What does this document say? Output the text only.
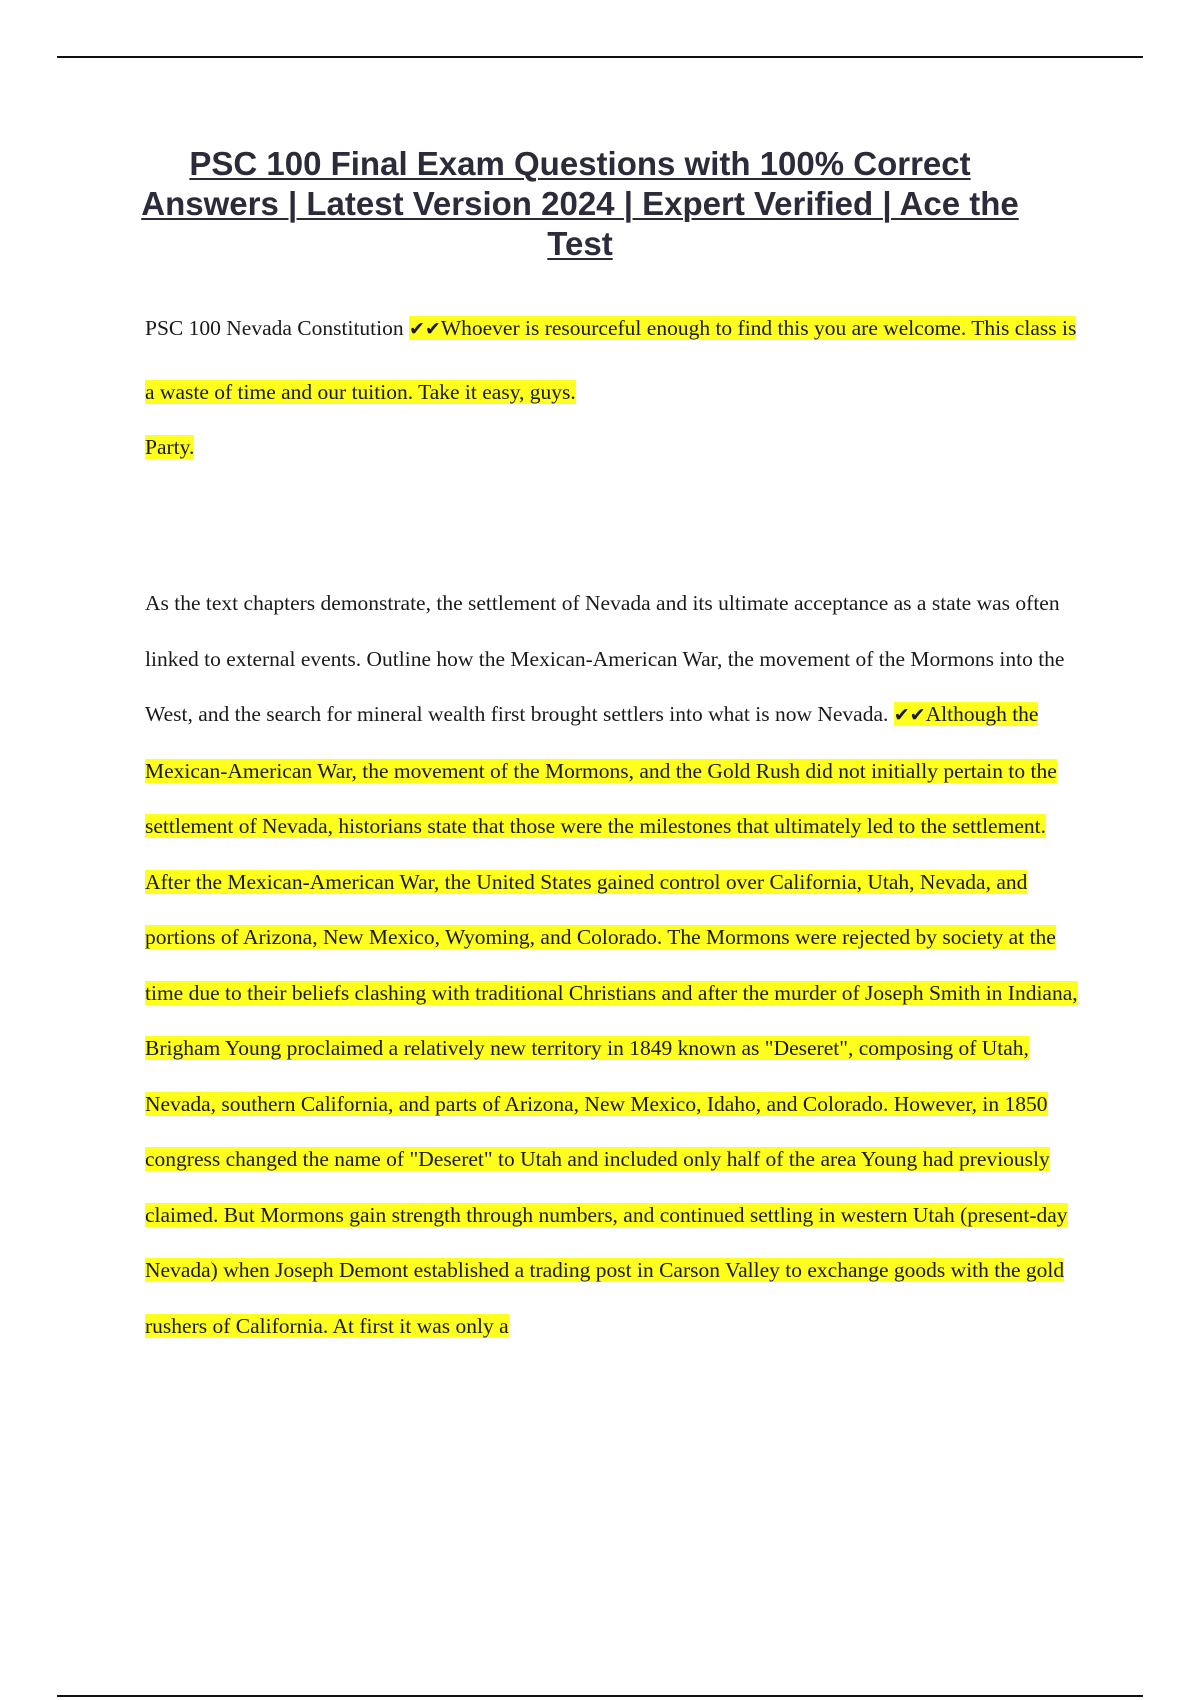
PSC 100 Final Exam Questions with 100% Correct Answers | Latest Version 2024 | Expert Verified | Ace the Test

PSC 100 Nevada Constitution ✔✔Whoever is resourceful enough to find this you are welcome. This class is a waste of time and our tuition. Take it easy, guys.

Party.

As the text chapters demonstrate, the settlement of Nevada and its ultimate acceptance as a state was often linked to external events. Outline how the Mexican-American War, the movement of the Mormons into the West, and the search for mineral wealth first brought settlers into what is now Nevada. ✔✔Although the Mexican-American War, the movement of the Mormons, and the Gold Rush did not initially pertain to the settlement of Nevada, historians state that those were the milestones that ultimately led to the settlement. After the Mexican-American War, the United States gained control over California, Utah, Nevada, and portions of Arizona, New Mexico, Wyoming, and Colorado. The Mormons were rejected by society at the time due to their beliefs clashing with traditional Christians and after the murder of Joseph Smith in Indiana, Brigham Young proclaimed a relatively new territory in 1849 known as "Deseret", composing of Utah, Nevada, southern California, and parts of Arizona, New Mexico, Idaho, and Colorado. However, in 1850 congress changed the name of "Deseret" to Utah and included only half of the area Young had previously claimed. But Mormons gain strength through numbers, and continued settling in western Utah (present-day Nevada) when Joseph Demont established a trading post in Carson Valley to exchange goods with the gold rushers of California. At first it was only a
